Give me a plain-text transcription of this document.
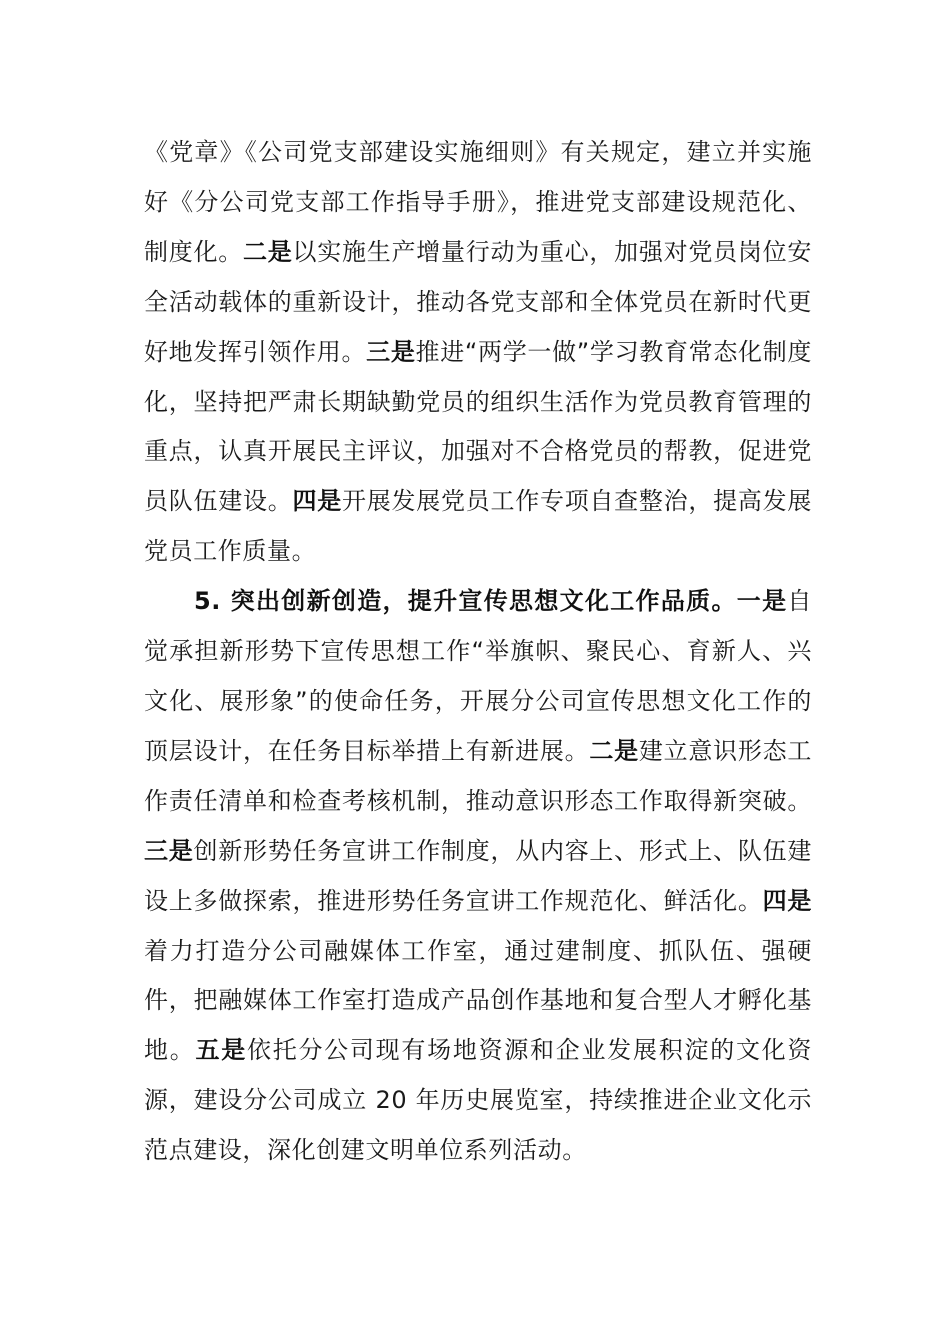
《党章》《公司党支部建设实施细则》有关规定，建立并实施好《分公司党支部工作指导手册》，推进党支部建设规范化、制度化。二是以实施生产增量行动为重心，加强对党员岗位安全活动载体的重新设计，推动各党支部和全体党员在新时代更好地发挥引领作用。三是推进“两学一做”学习教育常态化制度化，坚持把严肃长期缺勤党员的组织生活作为党员教育管理的重点，认真开展民主评议，加强对不合格党员的帮教，促进党员队伍建设。四是开展发展党员工作专项自查整治，提高发展党员工作质量。

5. 突出创新创造，提升宣传思想文化工作品质。一是自觉承担新形势下宣传思想工作“举旗帜、聚民心、育新人、兴文化、展形象”的使命任务，开展分公司宣传思想文化工作的顶层设计，在任务目标举措上有新进展。二是建立意识形态工作责任清单和检查考核机制，推动意识形态工作取得新突破。三是创新形势任务宣讲工作制度，从内容上、形式上、队伍建设上多做探索，推进形势任务宣讲工作规范化、鲜活化。四是着力打造分公司融媒体工作室，通过建制度、抓队伍、强硬件，把融媒体工作室打造成产品创作基地和复合型人才孵化基地。五是依托分公司现有场地资源和企业发展积淀的文化资源，建设分公司成立 20 年历史展览室，持续推进企业文化示范点建设，深化创建文明单位系列活动。
